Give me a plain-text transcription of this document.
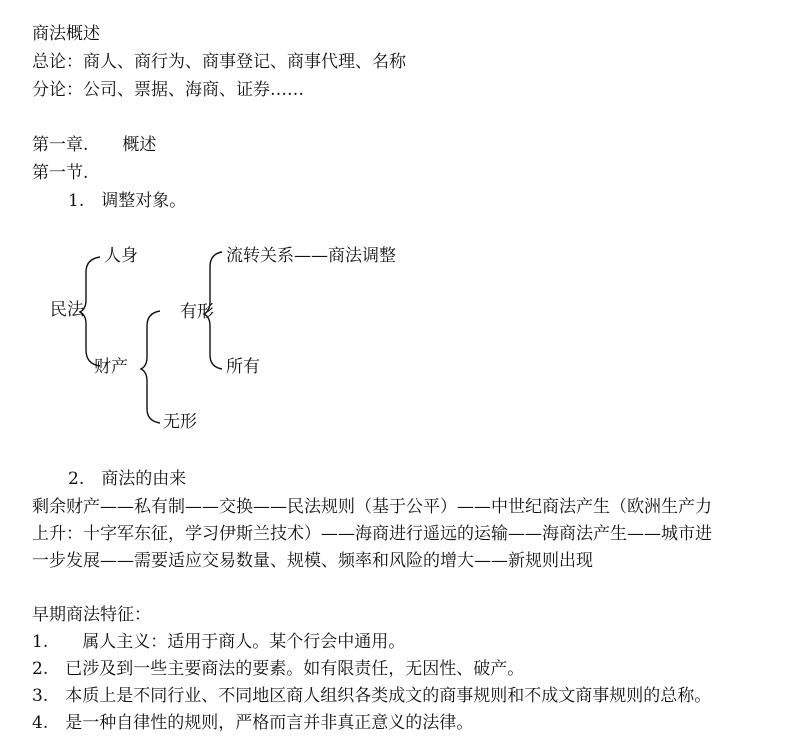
商法概述
总论：商人、商行为、商事登记、商事代理、名称
分论：公司、票据、海商、证券……
第一章.　　概述
第一节.
1.　调整对象。
民法
人身
财产
有形
无形
流转关系——商法调整
所有
2.　商法的由来
剩余财产——私有制——交换——民法规则（基于公平）——中世纪商法产生（欧洲生产力
上升：十字军东征，学习伊斯兰技术）——海商进行遥远的运输——海商法产生——城市进
一步发展——需要适应交易数量、规模、频率和风险的增大——新规则出现
早期商法特征：
1.　　属人主义：适用于商人。某个行会中通用。
2.　已涉及到一些主要商法的要素。如有限责任，无因性、破产。
3.　本质上是不同行业、不同地区商人组织各类成文的商事规则和不成文商事规则的总称。
4.　是一种自律性的规则，严格而言并非真正意义的法律。
